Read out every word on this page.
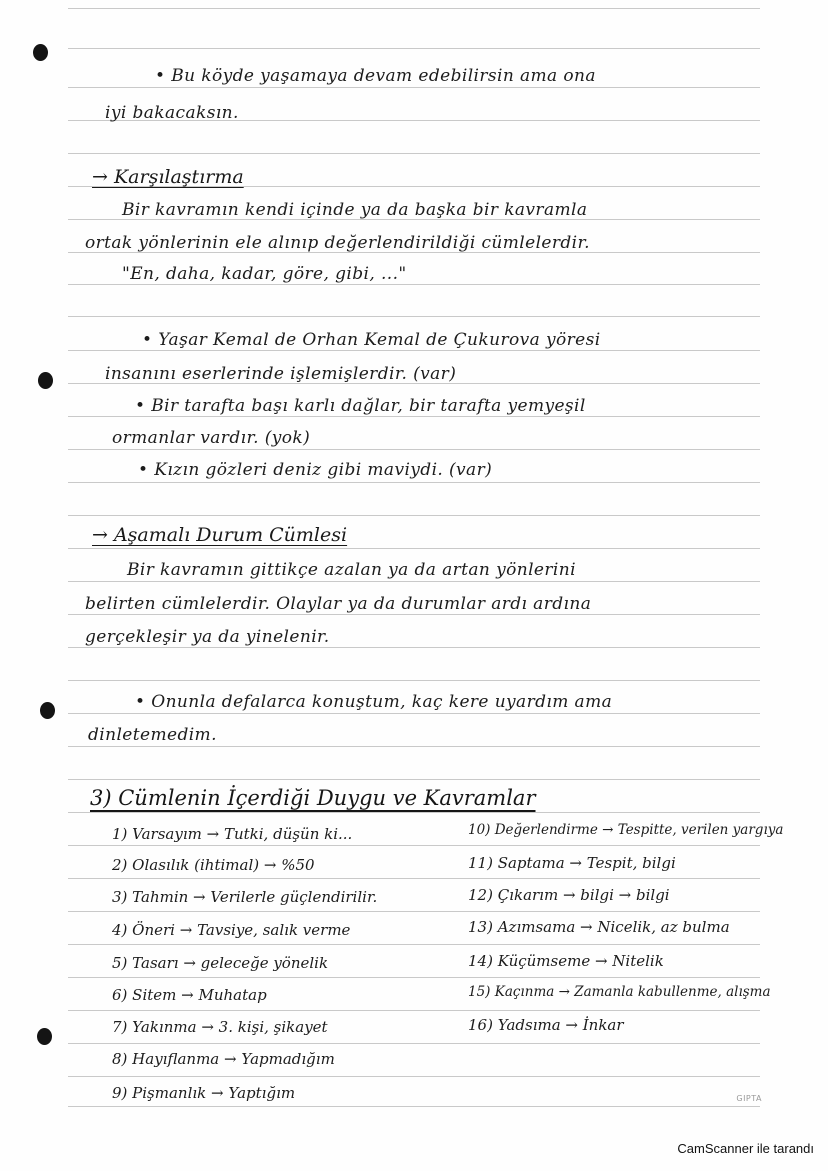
• Bu köyde yaşamaya devam edebilirsin ama ona

iyi bakacaksın.

→ Karşılaştırma

Bir kavramın kendi içinde ya da başka bir kavramla

ortak yönlerinin ele alınıp değerlendirildiği cümlelerdir.

"En, daha, kadar, göre, gibi, ..."

• Yaşar Kemal de Orhan Kemal de Çukurova yöresi

insanını eserlerinde işlemişlerdir. (var)

• Bir tarafta başı karlı dağlar, bir tarafta yemyeşil

ormanlar vardır. (yok)

• Kızın gözleri deniz gibi maviydi. (var)

→ Aşamalı Durum Cümlesi

Bir kavramın gittikçe azalan ya da artan yönlerini

belirten cümlelerdir. Olaylar ya da durumlar ardı ardına

gerçekleşir ya da yinelenir.

• Onunla defalarca konuştum, kaç kere uyardım ama

dinletemedim.

3) Cümlenin İçerdiği Duygu ve Kavramlar

1) Varsayım → Tutki, düşün ki...

2) Olasılık (ihtimal) → %50

3) Tahmin → Verilerle güçlendirilir.

4) Öneri → Tavsiye, salık verme

5) Tasarı → geleceğe yönelik

6) Sitem → Muhatap

7) Yakınma → 3. kişi, şikayet

8) Hayıflanma → Yapmadığım

9) Pişmanlık → Yaptığım

10) Değerlendirme → Tespitte, verilen yargıya

11) Saptama → Tespit, bilgi

12) Çıkarım → bilgi → bilgi

13) Azımsama → Nicelik, az bulma

14) Küçümseme → Nitelik

15) Kaçınma → Zamanla kabullenme, alışma

16) Yadsıma → İnkar

GIPTA
CamScanner ile tarandı
